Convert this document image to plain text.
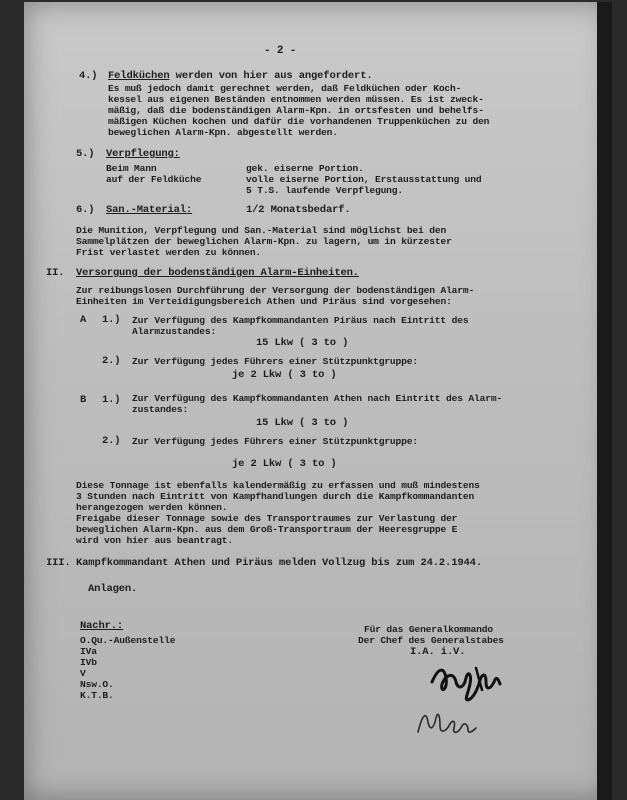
- 2 -
4.) Feldküchen werden von hier aus angefordert.
Es muß jedoch damit gerechnet werden, daß Feldküchen oder Koch-
kessel aus eigenen Beständen entnommen werden müssen. Es ist zweck-
mäßig, daß die bodenständigen Alarm-Kpn. in ortsfesten und behelfs-
mäßigen Küchen kochen und dafür die vorhandenen Truppenküchen zu den
beweglichen Alarm-Kpn. abgestellt werden.
5.) Verpflegung:
Beim Mann
auf der Feldküche
gek. eiserne Portion.
volle eiserne Portion, Erstausstattung und
5 T.S. laufende Verpflegung.
6.) San.-Material:	1/2 Monatsbedarf.
Die Munition, Verpflegung und San.-Material sind möglichst bei den
Sammelplätzen der beweglichen Alarm-Kpn. zu lagern, um in kürzester
Frist verlastet werden zu können.
II. Versorgung der bodenständigen Alarm-Einheiten.
Zur reibungslosen Durchführung der Versorgung der bodenständigen Alarm-
Einheiten im Verteidigungsbereich Athen und Piräus sind vorgesehen:
A 1.) Zur Verfügung des Kampfkommandanten Piräus nach Eintritt des
Alarmzustandes:
15 Lkw ( 3 to )
2.) Zur Verfügung jedes Führers einer Stützpunktgruppe:
je 2 Lkw ( 3 to )
B 1.) Zur Verfügung des Kampfkommandanten Athen nach Eintritt des Alarm-
zustandes:
15 Lkw ( 3 to )
2.) Zur Verfügung jedes Führers einer Stützpunktgruppe:
je 2 Lkw ( 3 to )
Diese Tonnage ist ebenfalls kalendermäßig zu erfassen und muß mindestens
3 Stunden nach Eintritt von Kampfhandlungen durch die Kampfkommandanten
herangezogen werden können.
Freigabe dieser Tonnage sowie des Transportraumes zur Verlastung der
beweglichen Alarm-Kpn. aus dem Groß-Transportraum der Heeresgruppe E
wird von hier aus beantragt.
III. Kampfkommandant Athen und Piräus melden Vollzug bis zum 24.2.1944.
Anlagen.
Nachr.:
O.Qu.-Außenstelle
IVa
IVb
V
Nsw.O.
K.T.B.
Für das Generalkommando
Der Chef des Generalstabes
I.A. i.V.
